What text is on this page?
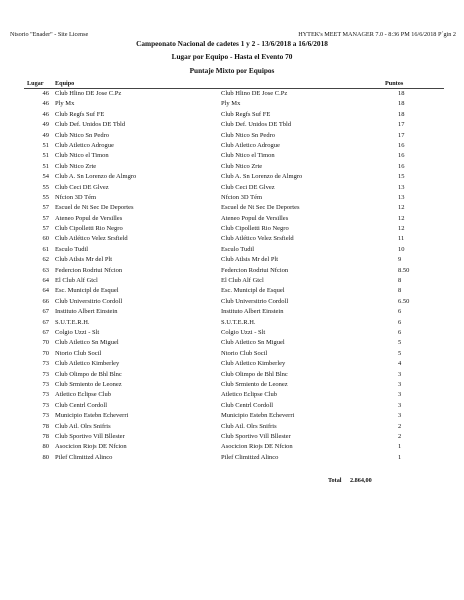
Ntsorio "Enader" - Site License	HYTEK's MEET MANAGER 7.0 - 8:36 PM 16/6/2018 P´gin 2
Campeonato Nacional de cadetes 1 y 2 - 13/6/2018 a 16/6/2018
Lugar por Equipo - Hasta el Evento 70
Puntaje Mixto por Equipos
Lugar Equipo	Puntos
46 Club Hlino DE Jose C.Pz	Club Hlino DE Jose C.Pz	18
46 Ply Mx	Ply Mx	18
46 Club Regfs Suf FE	Club Regfs Suf FE	18
49 Club Def. Unidos DE Tbld	Club Def. Unidos DE Tbld	17
49 Club Ntico Sn Pedro	Club Ntico Sn Pedro	17
51 Club Atletico Adrogue	Club Atletico Adrogue	16
51 Club Ntico el Timon	Club Ntico el Timon	16
51 Club Ntico Zrte	Club Ntico Zrte	16
54 Club A. Sn Lorenzo de Almgro	Club A. Sn Lorenzo de Almgro	15
55 Club Ceci DE Glvez	Club Ceci DE Glvez	13
55 Nfcion 3D Tém	Nfcion 3D Tém	13
57 Escuel de Nt Sec De Deportes	Escuel de Nt Sec De Deportes	12
57 Ateneo Popul de Versilles	Ateneo Popul de Versilles	12
57 Club Cipolletti Rio Negro	Club Cipolletti Rio Negro	12
60 Club Atlético Velez Srsfield	Club Atlético Velez Srsfield	11
61 Esculo Tudil	Esculo Tudil	10
62 Club Atlsis Mr del Plt	Club Atlsis Mr del Plt	9
63 Federcion Rodriui Nfcion	Federcion Rodriui Nfcion	8.50
64 El Club Alf Gtcl	El Club Alf Gtcl	8
64 Esc. Municipl de Esquel	Esc. Municipl de Esquel	8
66 Club Universitrio Cordoll	Club Universitrio Cordoll	6.50
67 Instituto Albert Einstein	Instituto Albert Einstein	6
67 S.U.T.E.R.H.	S.U.T.E.R.H.	6
67 Colgio Uzzi - Slt	Colgio Uzzi - Slt	6
70 Club Atletico Sn Miguel	Club Atletico Sn Miguel	5
70 Ntorio Club Socil	Ntorio Club Socil	5
73 Club Atletico Kimberley	Club Atletico Kimberley	4
73 Club Olimpo de Bhl Blnc	Club Olimpo de Bhl Blnc	3
73 Club Srmiento de Leonez	Club Srmiento de Leonez	3
73 Atletico Eclipse Club	Atletico Eclipse Club	3
73 Club Centrl Cordoll	Club Centrl Cordoll	3
73 Municipio Estebn Echeverri	Municipio Estebn Echeverri	3
78 Club Atl. Olrs Snifris	Club Atl. Olrs Snifris	2
78 Club Sportivo Vill Bllester	Club Sportivo Vill Bllester	2
80 Asocicion Riojs DE Nfcion	Asocicion Riojs DE Nfcion	1
80 Pilef Climitizd Alinco	Pilef Climitizd Alinco	1
Total 2.864,00
